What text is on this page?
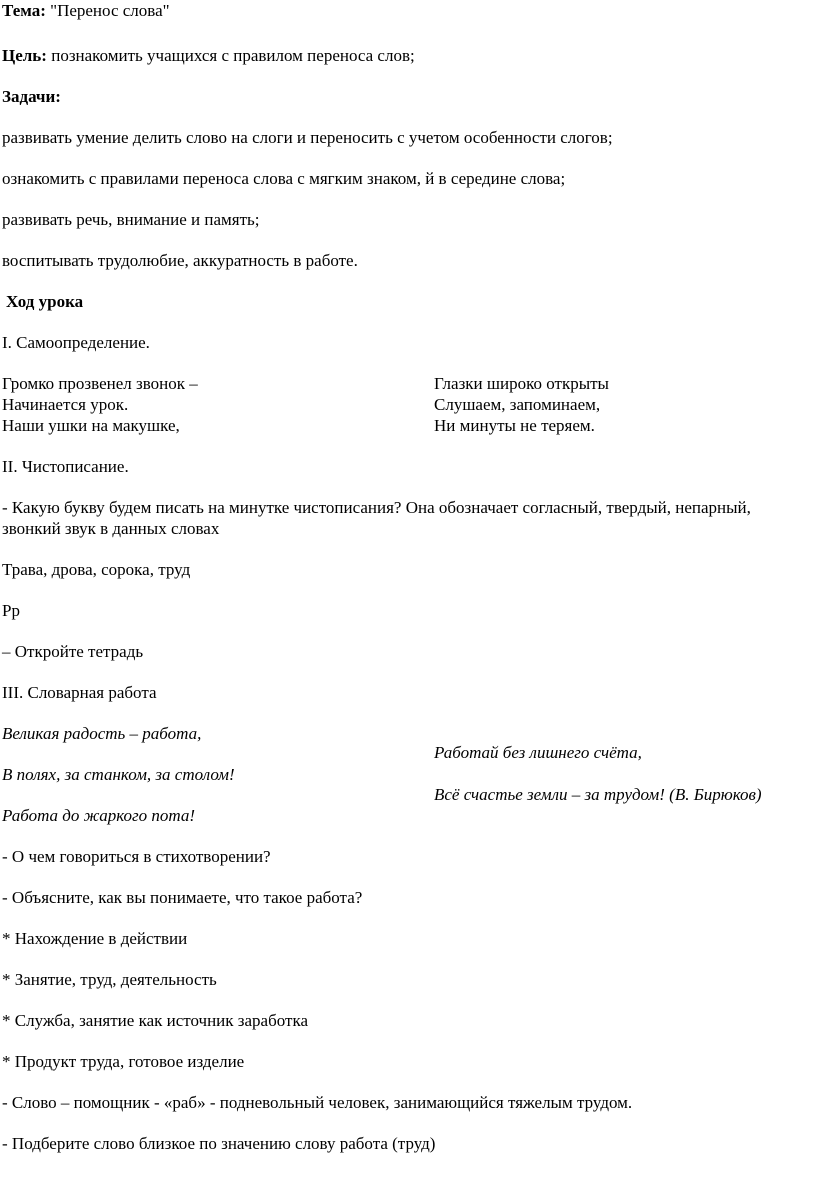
Тема: "Перенос слова"
Цель: познакомить учащихся с правилом переноса слов;
Задачи:
развивать умение делить слово на слоги и переносить с учетом особенности слогов;
ознакомить с правилами переноса слова с мягким знаком, й в середине слова;
развивать речь, внимание и память;
воспитывать трудолюбие, аккуратность в работе.
Ход урока
I. Самоопределение.
Громко прозвенел звонок –
Начинается урок.
Наши ушки на макушке,
Глазки широко открыты
Слушаем, запоминаем,
Ни минуты не теряем.
II. Чистописание.
- Какую букву будем писать на минутке чистописания? Она обозначает согласный, твердый, непарный,
звонкий звук в данных словах
Трава, дрова, сорока, труд
Рр
– Откройте тетрадь
III. Словарная работа
Великая радость – работа,
В полях, за станком, за столом!
Работа до жаркого пота!
Работай без лишнего счёта,
Всё счастье земли – за трудом! (В. Бирюков)
- О чем говориться в стихотворении?
- Объясните, как вы понимаете, что такое работа?
* Нахождение в действии
* Занятие, труд, деятельность
* Служба, занятие как источник заработка
* Продукт труда, готовое изделие
- Слово – помощник - «раб» - подневольный человек, занимающийся тяжелым трудом.
- Подберите слово близкое по значению слову работа (труд)
